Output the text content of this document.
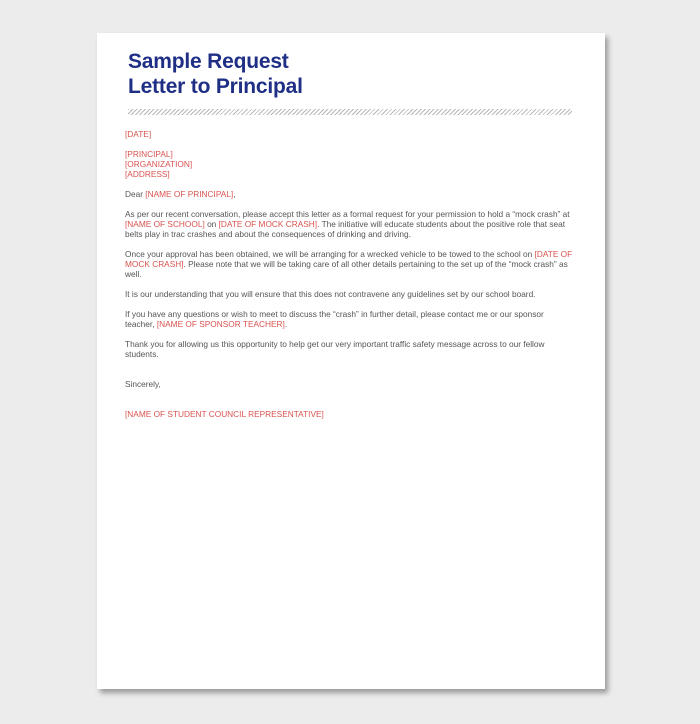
Sample Request
Letter to Principal

[DATE]

[PRINCIPAL]
[ORGANIZATION]
[ADDRESS]

Dear [NAME OF PRINCIPAL],

As per our recent conversation, please accept this letter as a formal request for your permission to hold a “mock crash” at [NAME OF SCHOOL] on [DATE OF MOCK CRASH]. The initiative will educate students about the positive role that seat belts play in trac crashes and about the consequences of drinking and driving.

Once your approval has been obtained, we will be arranging for a wrecked vehicle to be towed to the school on [DATE OF MOCK CRASH]. Please note that we will be taking care of all other details pertaining to the set up of the “mock crash” as well.

It is our understanding that you will ensure that this does not contravene any guidelines set by our school board.

If you have any questions or wish to meet to discuss the “crash” in further detail, please contact me or our sponsor teacher, [NAME OF SPONSOR TEACHER].

Thank you for allowing us this opportunity to help get our very important traffic safety message across to our fellow students.

Sincerely,

[NAME OF STUDENT COUNCIL REPRESENTATIVE]
